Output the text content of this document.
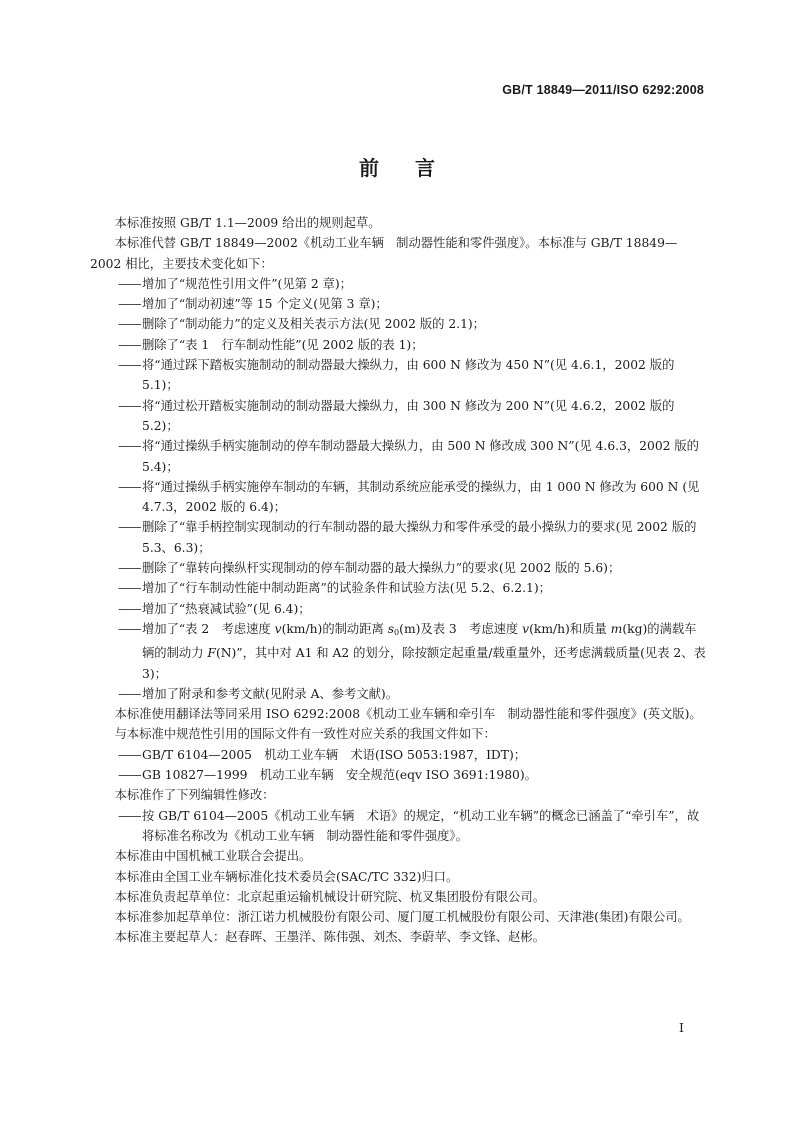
GB/T 18849—2011/ISO 6292:2008
前言

本标准按照 GB/T 1.1—2009 给出的规则起草。

本标准代替 GB/T 18849—2002《机动工业车辆　制动器性能和零件强度》。本标准与 GB/T 18849—2002 相比，主要技术变化如下：

——增加了“规范性引用文件”(见第 2 章)；

——增加了“制动初速”等 15 个定义(见第 3 章)；

——删除了“制动能力”的定义及相关表示方法(见 2002 版的 2.1)；

——删除了“表 1　行车制动性能”(见 2002 版的表 1)；

——将“通过踩下踏板实施制动的制动器最大操纵力，由 600 N 修改为 450 N”(见 4.6.1，2002 版的 5.1)；

——将“通过松开踏板实施制动的制动器最大操纵力，由 300 N 修改为 200 N”(见 4.6.2，2002 版的 5.2)；

——将“通过操纵手柄实施制动的停车制动器最大操纵力，由 500 N 修改成 300 N”(见 4.6.3，2002 版的 5.4)；

——将“通过操纵手柄实施停车制动的车辆，其制动系统应能承受的操纵力，由 1 000 N 修改为 600 N (见 4.7.3，2002 版的 6.4)；

——删除了“靠手柄控制实现制动的行车制动器的最大操纵力和零件承受的最小操纵力的要求(见 2002 版的 5.3、6.3)；

——删除了“靠转向操纵杆实现制动的停车制动器的最大操纵力”的要求(见 2002 版的 5.6)；

——增加了“行车制动性能中制动距离”的试验条件和试验方法(见 5.2、6.2.1)；

——增加了“热衰减试验”(见 6.4)；

——增加了“表 2　考虑速度 v(km/h)的制动距离 $s_0(m)$及表 3　考虑速度 v(km/h)和质量 m(kg)的满载车辆的制动力 F(N)”，其中对 A1 和 A2 的划分，除按额定起重量/载重量外，还考虑满载质量(见表 2、表 3)；

——增加了附录和参考文献(见附录 A、参考文献)。

本标准使用翻译法等同采用 ISO 6292:2008《机动工业车辆和牵引车　制动器性能和零件强度》(英文版)。

与本标准中规范性引用的国际文件有一致性对应关系的我国文件如下：

——GB/T 6104—2005　机动工业车辆　术语(ISO 5053:1987，IDT)；

——GB 10827—1999　机动工业车辆　安全规范(eqv ISO 3691:1980)。

本标准作了下列编辑性修改：

——按 GB/T 6104—2005《机动工业车辆　术语》的规定，“机动工业车辆”的概念已涵盖了“牵引车”，故将标准名称改为《机动工业车辆　制动器性能和零件强度》。

本标准由中国机械工业联合会提出。

本标准由全国工业车辆标准化技术委员会(SAC/TC 332)归口。

本标准负责起草单位：北京起重运输机械设计研究院、杭叉集团股份有限公司。

本标准参加起草单位：浙江诺力机械股份有限公司、厦门厦工机械股份有限公司、天津港(集团)有限公司。

本标准主要起草人：赵春晖、王墨洋、陈伟强、刘杰、李蔚苹、李文锋、赵彬。

I
